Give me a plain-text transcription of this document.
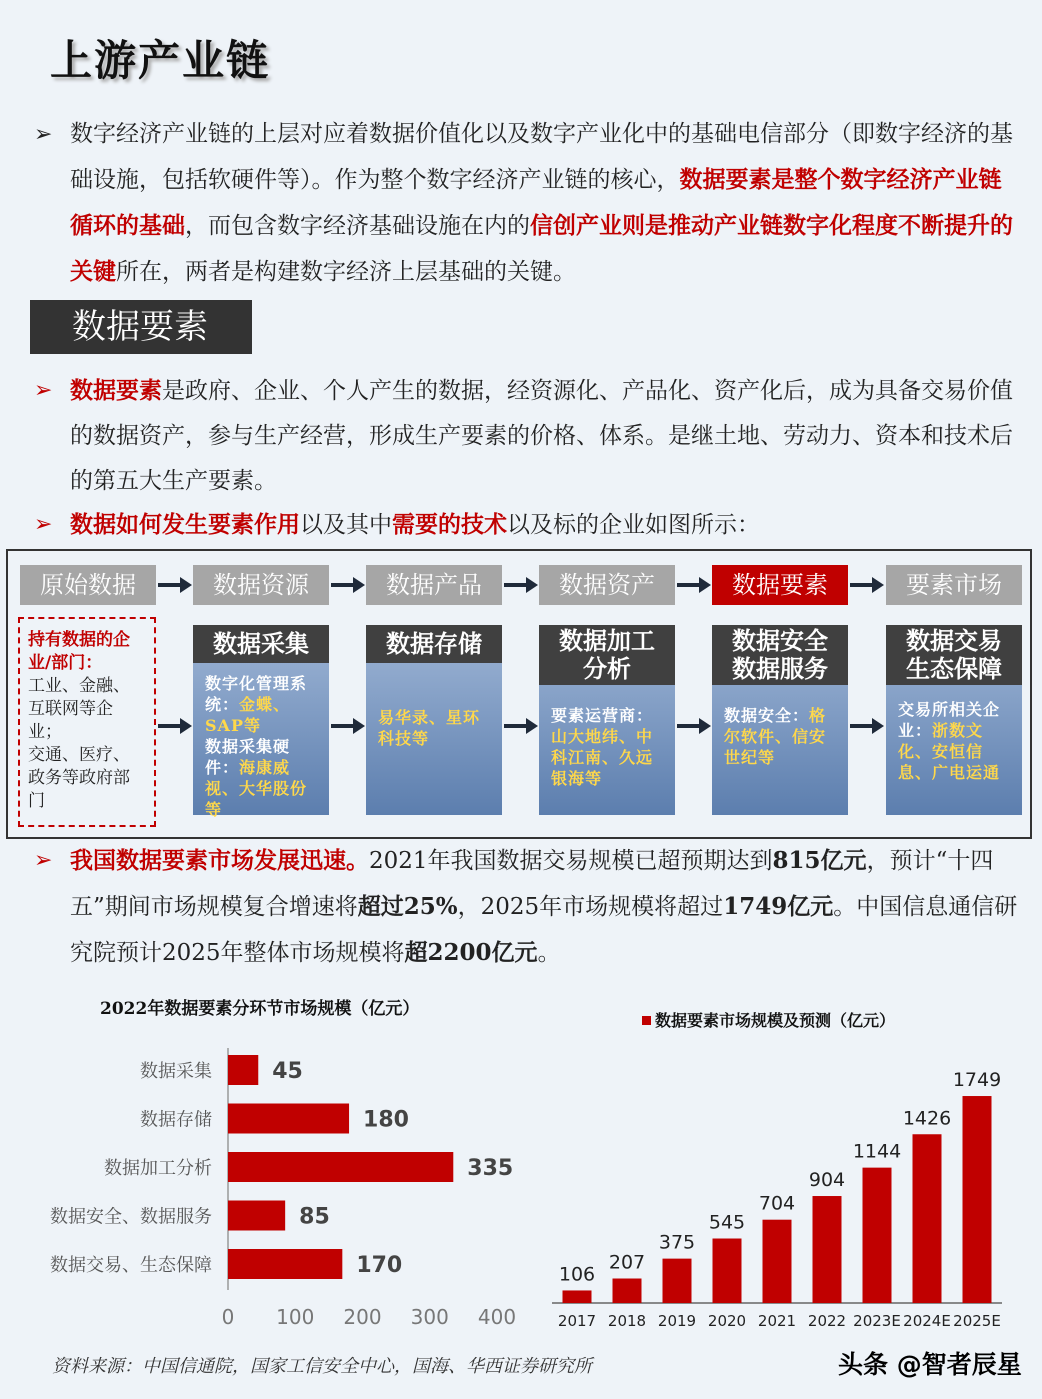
上游产业链
➢ 数字经济产业链的上层对应着数据价值化以及数字产业化中的基础电信部分（即数字经济的基础设施，包括软硬件等）。作为整个数字经济产业链的核心，数据要素是整个数字经济产业链循环的基础，而包含数字经济基础设施在内的信创产业则是推动产业链数字化程度不断提升的关键所在，两者是构建数字经济上层基础的关键。
数据要素
➢ 数据要素是政府、企业、个人产生的数据，经资源化、产品化、资产化后，成为具备交易价值的数据资产，参与生产经营，形成生产要素的价格、体系。是继土地、劳动力、资本和技术后的第五大生产要素。
➢ 数据如何发生要素作用以及其中需要的技术以及标的企业如图所示：
原始数据	数据资源	数据产品	数据资产	数据要素	要素市场
持有数据的企业/部门：
工业、金融、互联网等企业；
交通、医疗、政务等政府部门
数据采集
数字化管理系统：金蝶、SAP等
数据采集硬件：海康威视、大华股份等
数据存储
易华录、星环科技等
数据加工分析
要素运营商：山大地纬、中科江南、久远银海等
数据安全数据服务
数据安全：格尔软件、信安世纪等
数据交易生态保障
交易所相关企业：浙数文化、安恒信息、广电运通
➢ 我国数据要素市场发展迅速。2021年我国数据交易规模已超预期达到815亿元，预计“十四五”期间市场规模复合增速将超过25%，2025年市场规模将超过1749亿元。中国信息通信研究院预计2025年整体市场规模将超2200亿元。
2022年数据要素分环节市场规模（亿元）
数据要素市场规模及预测（亿元）
数据采集	45
数据存储	180
数据加工分析	335
数据安全、数据服务	85
数据交易、生态保障	170
0 100 200 300 400
106
2017
207
2018
375
2019
545
2020
704
2021
904
2022
1144
2023E
1426
2024E
1749
2025E
资料来源：中国信通院，国家工信安全中心，国海、华西证券研究所	头条 @智者辰星
